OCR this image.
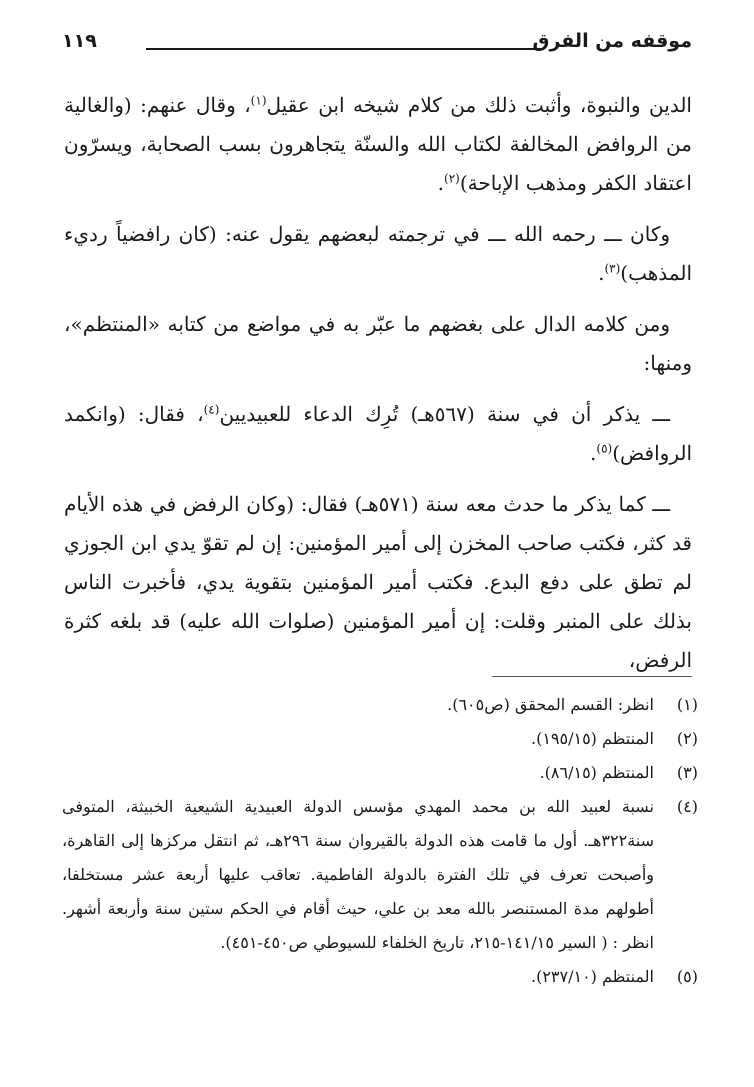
موقفه من الفرق
١١٩

الدين والنبوة، وأثبت ذلك من كلام شيخه ابن عقيل$^{(١)}$، وقال عنهم: (والغالية من الروافض المخالفة لكتاب الله والسنّة يتجاهرون بسب الصحابة، ويسرّون اعتقاد الكفر ومذهب الإباحة)$^{(٢)}$.

وكان ـــ رحمه الله ـــ في ترجمته لبعضهم يقول عنه: (كان رافضياً رديء المذهب)$^{(٣)}$.

ومن كلامه الدال على بغضهم ما عبّر به في مواضع من كتابه «المنتظم»، ومنها:

ـــ يذكر أن في سنة (٥٦٧هـ) تُرِك الدعاء للعبيديين$^{(٤)}$، فقال: (وانكمد الروافض)$^{(٥)}$.

ـــ كما يذكر ما حدث معه سنة (٥٧١هـ) فقال: (وكان الرفض في هذه الأيام قد كثر، فكتب صاحب المخزن إلى أمير المؤمنين: إن لم تقوّ يدي ابن الجوزي لم تطق على دفع البدع. فكتب أمير المؤمنين بتقوية يدي، فأخبرت الناس بذلك على المنبر وقلت: إن أمير المؤمنين (صلوات الله عليه) قد بلغه كثرة الرفض،

(١)
انظر: القسم المحقق (ص٦٠٥).
(٢)
المنتظم (١٩٥/١٥).
(٣)
المنتظم (٨٦/١٥).
(٤)
نسبة لعبيد الله بن محمد المهدي مؤسس الدولة العبيدية الشيعية الخبيثة، المتوفى سنة٣٢٢هـ. أول ما قامت هذه الدولة بالقيروان سنة ٢٩٦هـ، ثم انتقل مركزها إلى القاهرة، وأصبحت تعرف في تلك الفترة بالدولة الفاطمية. تعاقب عليها أربعة عشر مستخلفا، أطولهم مدة المستنصر بالله معد بن علي، حيث أقام في الحكم ستين سنة وأربعة أشهر. انظر : ( السير ١٤١/١٥-٢١٥، تاريخ الخلفاء للسيوطي ص٤٥٠-٤٥١).
(٥)
المنتظم (٢٣٧/١٠).
